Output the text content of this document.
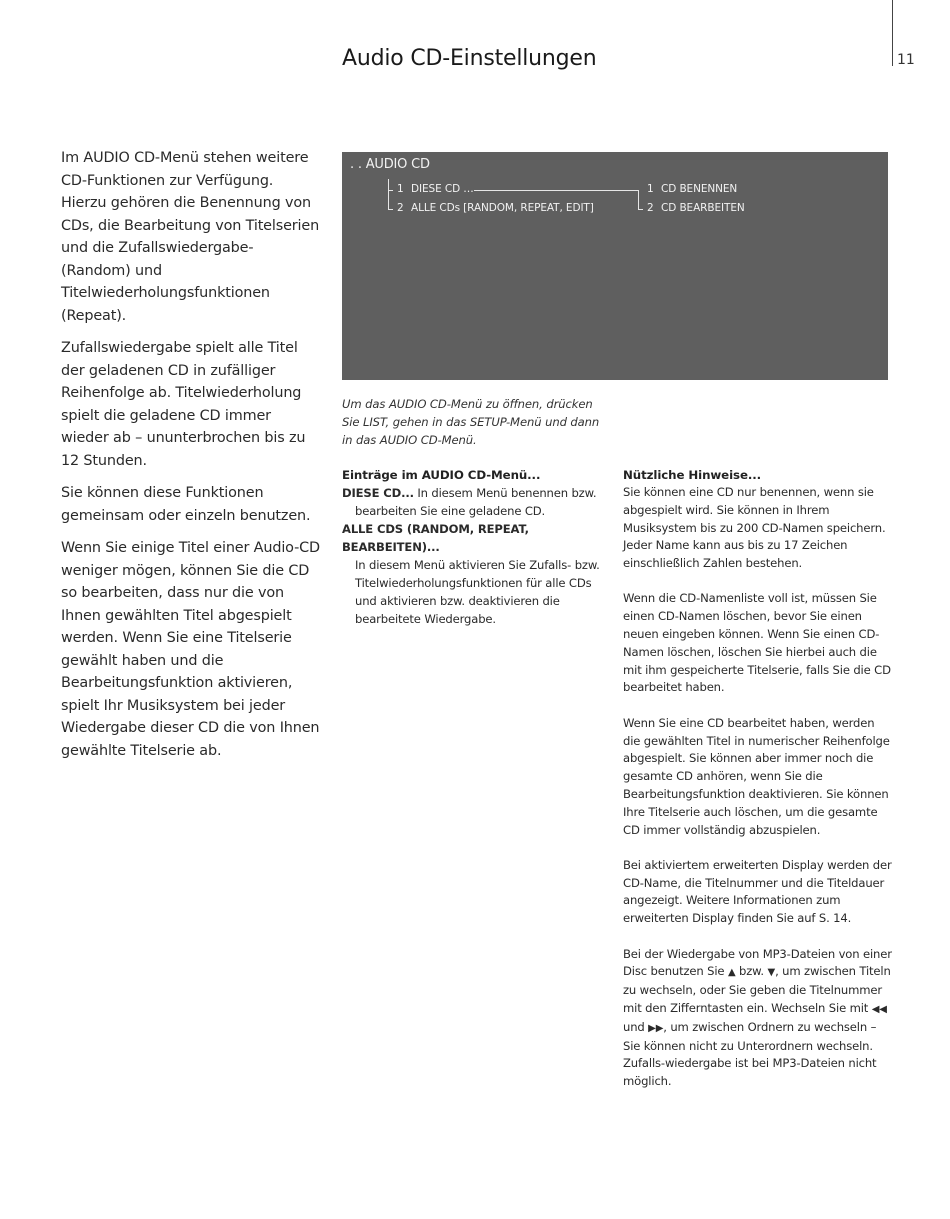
11
Audio CD-Einstellungen

Im AUDIO CD-Menü stehen weitere CD-Funktionen zur Verfügung. Hierzu gehören die Benennung von CDs, die Bearbeitung von Titelserien und die Zufallswiedergabe- (Random) und Titelwiederholungsfunktionen (Repeat).

Zufallswiedergabe spielt alle Titel der geladenen CD in zufälliger Reihenfolge ab. Titelwiederholung spielt die geladene CD immer wieder ab – ununterbrochen bis zu 12 Stunden.

Sie können diese Funktionen gemeinsam oder einzeln benutzen.

Wenn Sie einige Titel einer Audio-CD weniger mögen, können Sie die CD so bearbeiten, dass nur die von Ihnen gewählten Titel abgespielt werden. Wenn Sie eine Titelserie gewählt haben und die Bearbeitungsfunktion aktivieren, spielt Ihr Musiksystem bei jeder Wiedergabe dieser CD die von Ihnen gewählte Titelserie ab.

. . AUDIO CD
1 DIESE CD …
2 ALLE CDs [RANDOM, REPEAT, EDIT]
1 CD BENENNEN
2 CD BEARBEITEN
Um das AUDIO CD-Menü zu öffnen, drücken Sie LIST, gehen in das SETUP-Menü und dann in das AUDIO CD-Menü.
Einträge im AUDIO CD-Menü...
DIESE CD... In diesem Menü benennen bzw.
bearbeiten Sie eine geladene CD.
ALLE CDS (RANDOM, REPEAT, BEARBEITEN)...
In diesem Menü aktivieren Sie Zufalls- bzw. Titelwiederholungsfunktionen für alle CDs und aktivieren bzw. deaktivieren die bearbeitete Wiedergabe.
Nützliche Hinweise...

Sie können eine CD nur benennen, wenn sie abgespielt wird. Sie können in Ihrem Musiksystem bis zu 200 CD-Namen speichern. Jeder Name kann aus bis zu 17 Zeichen einschließlich Zahlen bestehen.

Wenn die CD-Namenliste voll ist, müssen Sie einen CD-Namen löschen, bevor Sie einen neuen eingeben können. Wenn Sie einen CD-Namen löschen, löschen Sie hierbei auch die mit ihm gespeicherte Titelserie, falls Sie die CD bearbeitet haben.

Wenn Sie eine CD bearbeitet haben, werden die gewählten Titel in numerischer Reihenfolge abgespielt. Sie können aber immer noch die gesamte CD anhören, wenn Sie die Bearbeitungsfunktion deaktivieren. Sie können Ihre Titelserie auch löschen, um die gesamte CD immer vollständig abzuspielen.

Bei aktiviertem erweiterten Display werden der CD-Name, die Titelnummer und die Titeldauer angezeigt. Weitere Informationen zum erweiterten Display finden Sie auf S. 14.

Bei der Wiedergabe von MP3-Dateien von einer Disc benutzen Sie ▲ bzw. ▼, um zwischen Titeln zu wechseln, oder Sie geben die Titelnummer mit den Zifferntasten ein. Wechseln Sie mit ◀◀ und ▶▶, um zwischen Ordnern zu wechseln – Sie können nicht zu Unterordnern wechseln. Zufalls-wiedergabe ist bei MP3-Dateien nicht möglich.
